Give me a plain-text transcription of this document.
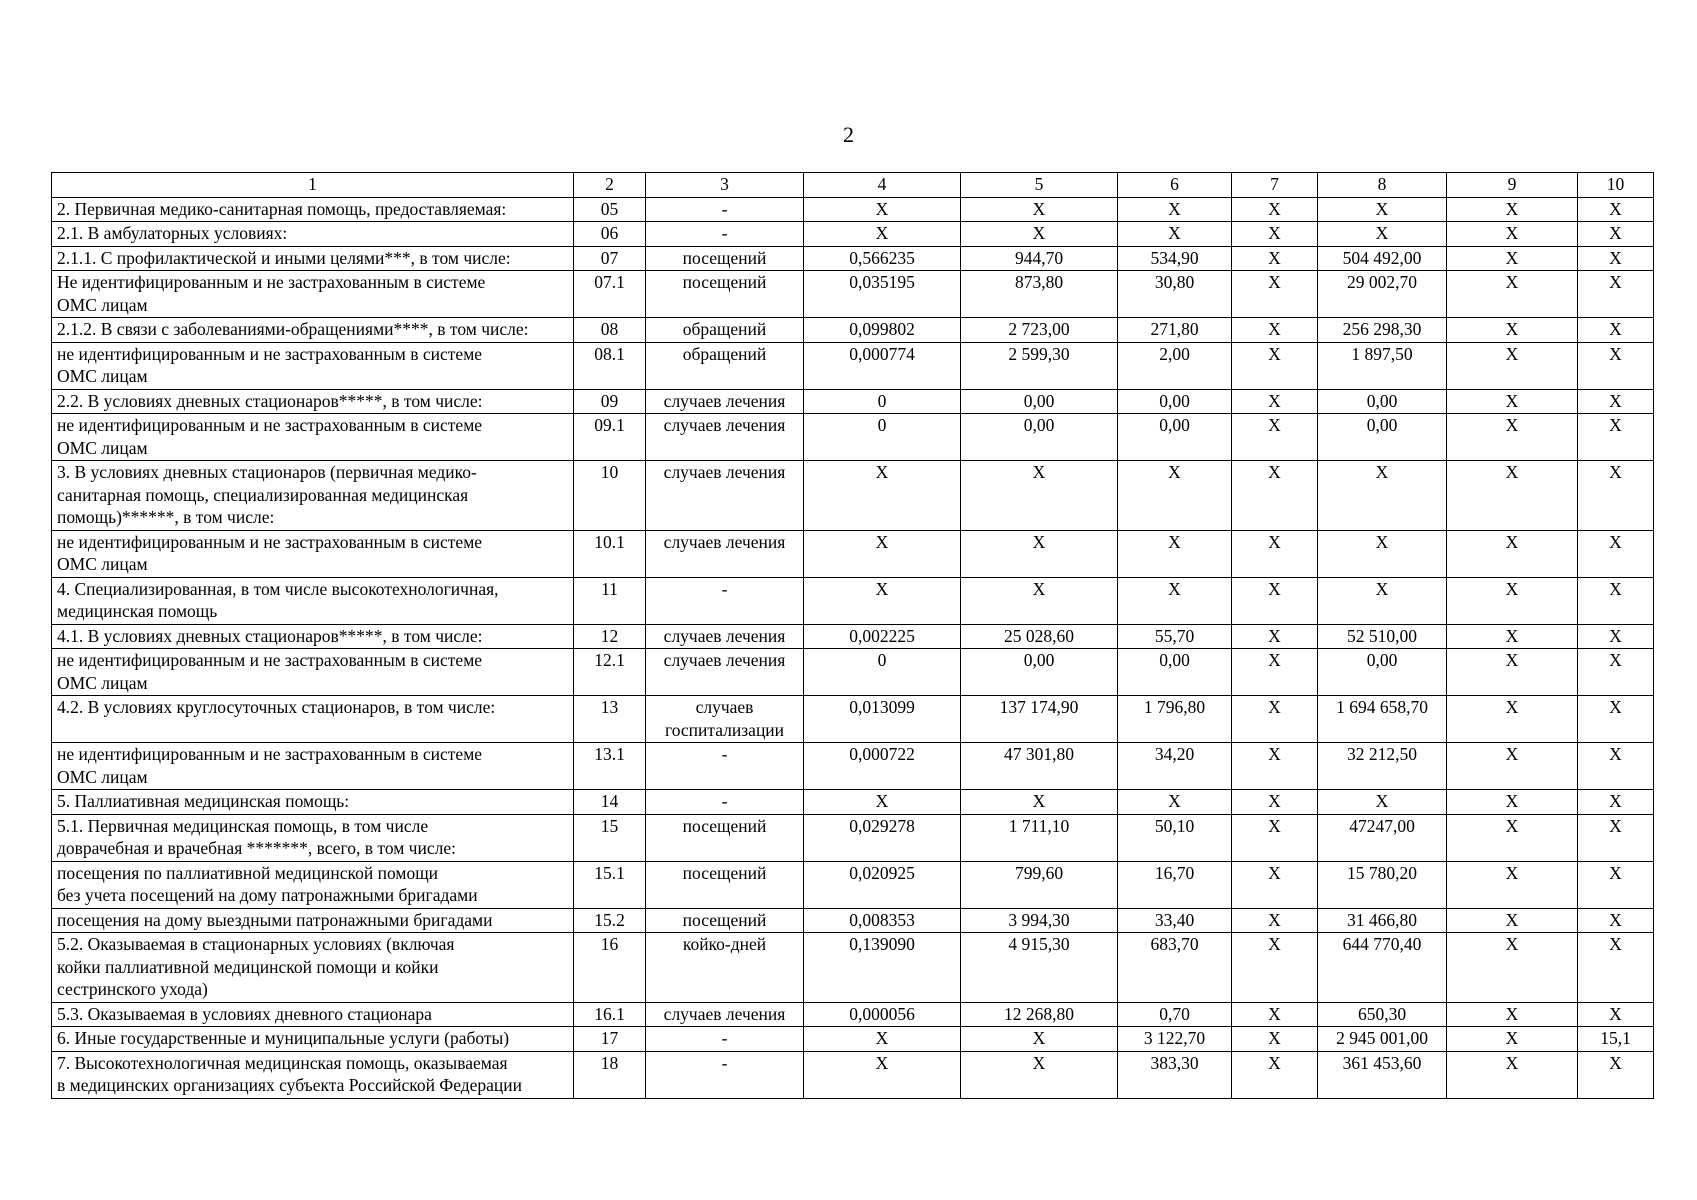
2
1	2	3	4	5	6	7	8	9	10

2. Первичная медико-санитарная помощь, предоставляемая:	05	-	X	X	X	X	X	X	X

2.1. В амбулаторных условиях:	06	-	X	X	X	X	X	X	X

2.1.1. С профилактической и иными целями***, в том числе:	07	посещений	0,566235	944,70	534,90	X	504 492,00	X	X

Не идентифицированным и не застрахованным в системе
ОМС лицам	07.1	посещений	0,035195	873,80	30,80	X	29 002,70	X	X

2.1.2. В связи с заболеваниями-обращениями****, в том числе:	08	обращений	0,099802	2 723,00	271,80	X	256 298,30	X	X

не идентифицированным и не застрахованным в системе
ОМС лицам	08.1	обращений	0,000774	2 599,30	2,00	X	1 897,50	X	X

2.2. В условиях дневных стационаров*****, в том числе:	09	случаев лечения	0	0,00	0,00	X	0,00	X	X

не идентифицированным и не застрахованным в системе
ОМС лицам	09.1	случаев лечения	0	0,00	0,00	X	0,00	X	X

3. В условиях дневных стационаров (первичная медико-
санитарная помощь, специализированная медицинская
помощь)******, в том числе:	10	случаев лечения	X	X	X	X	X	X	X

не идентифицированным и не застрахованным в системе
ОМС лицам	10.1	случаев лечения	X	X	X	X	X	X	X

4. Специализированная, в том числе высокотехнологичная,
медицинская помощь	11	-	X	X	X	X	X	X	X

4.1. В условиях дневных стационаров*****, в том числе:	12	случаев лечения	0,002225	25 028,60	55,70	X	52 510,00	X	X

не идентифицированным и не застрахованным в системе
ОМС лицам	12.1	случаев лечения	0	0,00	0,00	X	0,00	X	X

4.2. В условиях круглосуточных стационаров, в том числе:	13	случаев
госпитализации	0,013099	137 174,90	1 796,80	X	1 694 658,70	X	X

не идентифицированным и не застрахованным в системе
ОМС лицам	13.1	-	0,000722	47 301,80	34,20	X	32 212,50	X	X

5. Паллиативная медицинская помощь:	14	-	X	X	X	X	X	X	X

5.1. Первичная медицинская помощь, в том числе
доврачебная и врачебная *******, всего, в том числе:	15	посещений	0,029278	1 711,10	50,10	X	47247,00	X	X

посещения по паллиативной медицинской помощи
без учета посещений на дому патронажными бригадами	15.1	посещений	0,020925	799,60	16,70	X	15 780,20	X	X

посещения на дому выездными патронажными бригадами	15.2	посещений	0,008353	3 994,30	33,40	X	31 466,80	X	X

5.2. Оказываемая в стационарных условиях (включая
койки паллиативной медицинской помощи и койки
сестринского ухода)	16	койко-дней	0,139090	4 915,30	683,70	X	644 770,40	X	X

5.3. Оказываемая в условиях дневного стационара	16.1	случаев лечения	0,000056	12 268,80	0,70	X	650,30	X	X

6. Иные государственные и муниципальные услуги (работы)	17	-	X	X	3 122,70	X	2 945 001,00	X	15,1

7. Высокотехнологичная медицинская помощь, оказываемая
в медицинских организациях субъекта Российской Федерации	18	-	X	X	383,30	X	361 453,60	X	X
